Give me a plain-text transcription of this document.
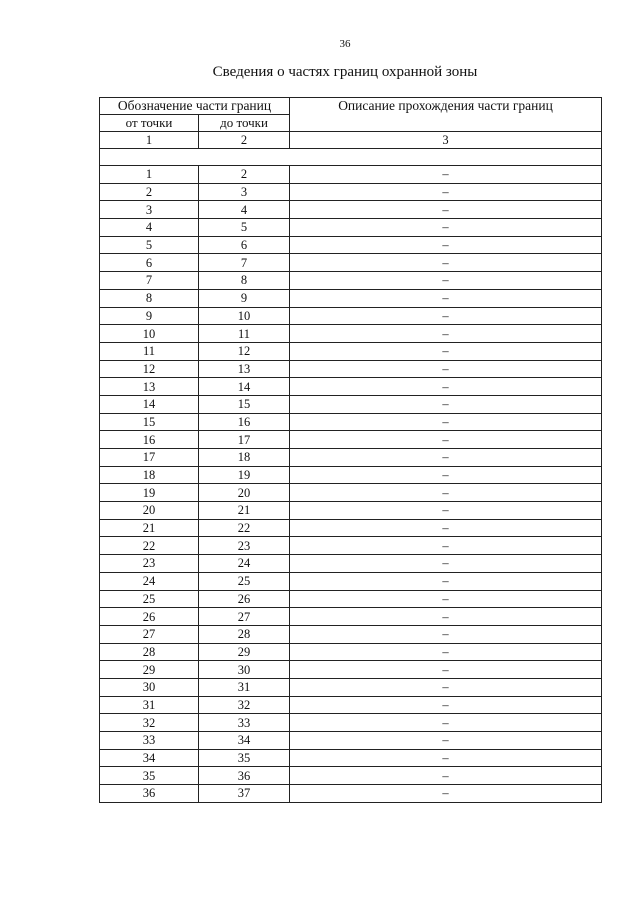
36
Сведения о частях границ охранной зоны
Обозначение части границ		Описание прохождения части границ
от точки	до точки	
1	2	3

1	2	–
2	3	–
3	4	–
4	5	–
5	6	–
6	7	–
7	8	–
8	9	–
9	10	–
10	11	–
11	12	–
12	13	–
13	14	–
14	15	–
15	16	–
16	17	–
17	18	–
18	19	–
19	20	–
20	21	–
21	22	–
22	23	–
23	24	–
24	25	–
25	26	–
26	27	–
27	28	–
28	29	–
29	30	–
30	31	–
31	32	–
32	33	–
33	34	–
34	35	–
35	36	–
36	37	–
